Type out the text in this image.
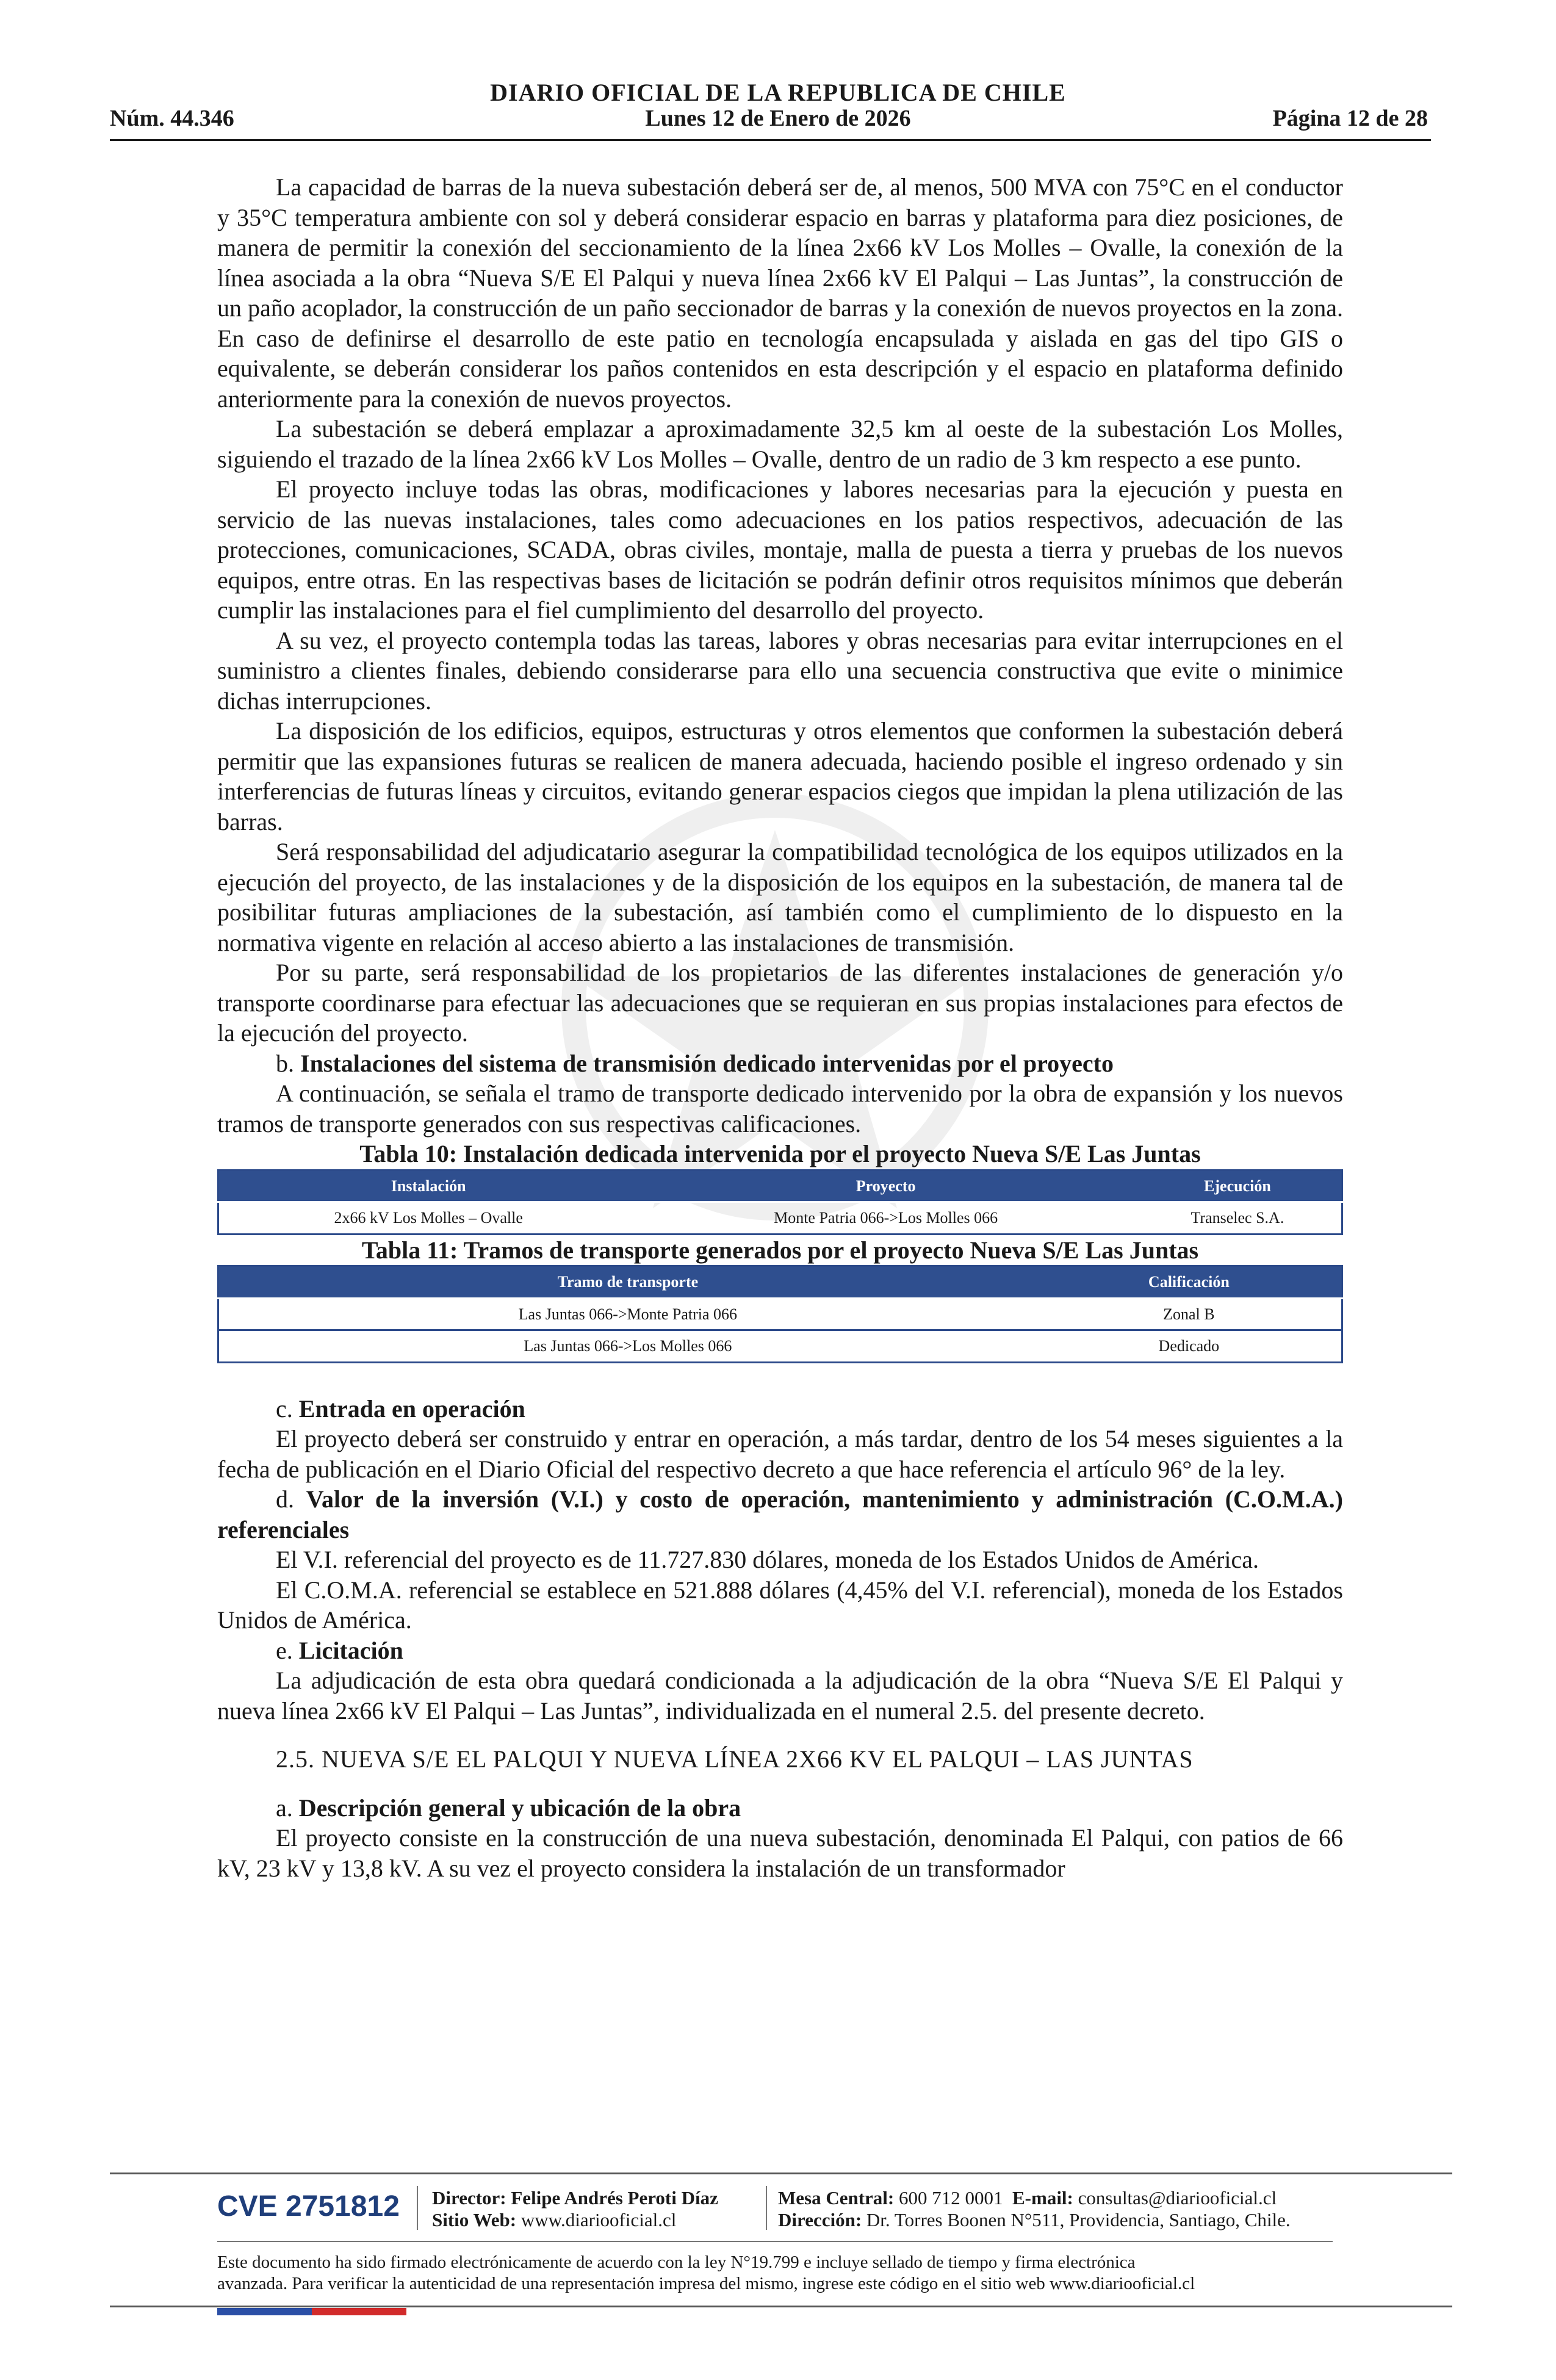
DIARIO OFICIAL DE LA REPUBLICA DE CHILE
Núm. 44.346	Lunes 12 de Enero de 2026	Página 12 de 28

La capacidad de barras de la nueva subestación deberá ser de, al menos, 500 MVA con 75°C en el conductor y 35°C temperatura ambiente con sol y deberá considerar espacio en barras y plataforma para diez posiciones, de manera de permitir la conexión del seccionamiento de la línea 2x66 kV Los Molles – Ovalle, la conexión de la línea asociada a la obra “Nueva S/E El Palqui y nueva línea 2x66 kV El Palqui – Las Juntas”, la construcción de un paño acoplador, la construcción de un paño seccionador de barras y la conexión de nuevos proyectos en la zona. En caso de definirse el desarrollo de este patio en tecnología encapsulada y aislada en gas del tipo GIS o equivalente, se deberán considerar los paños contenidos en esta descripción y el espacio en plataforma definido anteriormente para la conexión de nuevos proyectos.

La subestación se deberá emplazar a aproximadamente 32,5 km al oeste de la subestación Los Molles, siguiendo el trazado de la línea 2x66 kV Los Molles – Ovalle, dentro de un radio de 3 km respecto a ese punto.

El proyecto incluye todas las obras, modificaciones y labores necesarias para la ejecución y puesta en servicio de las nuevas instalaciones, tales como adecuaciones en los patios respectivos, adecuación de las protecciones, comunicaciones, SCADA, obras civiles, montaje, malla de puesta a tierra y pruebas de los nuevos equipos, entre otras. En las respectivas bases de licitación se podrán definir otros requisitos mínimos que deberán cumplir las instalaciones para el fiel cumplimiento del desarrollo del proyecto.

A su vez, el proyecto contempla todas las tareas, labores y obras necesarias para evitar interrupciones en el suministro a clientes finales, debiendo considerarse para ello una secuencia constructiva que evite o minimice dichas interrupciones.

La disposición de los edificios, equipos, estructuras y otros elementos que conformen la subestación deberá permitir que las expansiones futuras se realicen de manera adecuada, haciendo posible el ingreso ordenado y sin interferencias de futuras líneas y circuitos, evitando generar espacios ciegos que impidan la plena utilización de las barras.

Será responsabilidad del adjudicatario asegurar la compatibilidad tecnológica de los equipos utilizados en la ejecución del proyecto, de las instalaciones y de la disposición de los equipos en la subestación, de manera tal de posibilitar futuras ampliaciones de la subestación, así también como el cumplimiento de lo dispuesto en la normativa vigente en relación al acceso abierto a las instalaciones de transmisión.

Por su parte, será responsabilidad de los propietarios de las diferentes instalaciones de generación y/o transporte coordinarse para efectuar las adecuaciones que se requieran en sus propias instalaciones para efectos de la ejecución del proyecto.

b. Instalaciones del sistema de transmisión dedicado intervenidas por el proyecto

A continuación, se señala el tramo de transporte dedicado intervenido por la obra de expansión y los nuevos tramos de transporte generados con sus respectivas calificaciones.

Tabla 10: Instalación dedicada intervenida por el proyecto Nueva S/E Las Juntas

Instalación	Proyecto	Ejecución
2x66 kV Los Molles – Ovalle	Monte Patria 066->Los Molles 066	Transelec S.A.

Tabla 11: Tramos de transporte generados por el proyecto Nueva S/E Las Juntas

Tramo de transporte	Calificación
Las Juntas 066->Monte Patria 066	Zonal B
Las Juntas 066->Los Molles 066	Dedicado

c. Entrada en operación

El proyecto deberá ser construido y entrar en operación, a más tardar, dentro de los 54 meses siguientes a la fecha de publicación en el Diario Oficial del respectivo decreto a que hace referencia el artículo 96° de la ley.

d. Valor de la inversión (V.I.) y costo de operación, mantenimiento y administración (C.O.M.A.) referenciales

El V.I. referencial del proyecto es de 11.727.830 dólares, moneda de los Estados Unidos de América.

El C.O.M.A. referencial se establece en 521.888 dólares (4,45% del V.I. referencial), moneda de los Estados Unidos de América.

e. Licitación

La adjudicación de esta obra quedará condicionada a la adjudicación de la obra “Nueva S/E El Palqui y nueva línea 2x66 kV El Palqui – Las Juntas”, individualizada en el numeral 2.5. del presente decreto.

2.5. NUEVA S/E EL PALQUI Y NUEVA LÍNEA 2X66 KV EL PALQUI – LAS JUNTAS

a. Descripción general y ubicación de la obra

El proyecto consiste en la construcción de una nueva subestación, denominada El Palqui, con patios de 66 kV, 23 kV y 13,8 kV. A su vez el proyecto considera la instalación de un transformador

CVE 2751812 Director: Felipe Andrés Peroti Díaz
Sitio Web: www.diariooficial.cl
Mesa Central: 600 712 0001 E-mail: consultas@diariooficial.cl
Dirección: Dr. Torres Boonen N°511, Providencia, Santiago, Chile.
Este documento ha sido firmado electrónicamente de acuerdo con la ley N°19.799 e incluye sellado de tiempo y firma electrónica
avanzada. Para verificar la autenticidad de una representación impresa del mismo, ingrese este código en el sitio web www.diariooficial.cl
